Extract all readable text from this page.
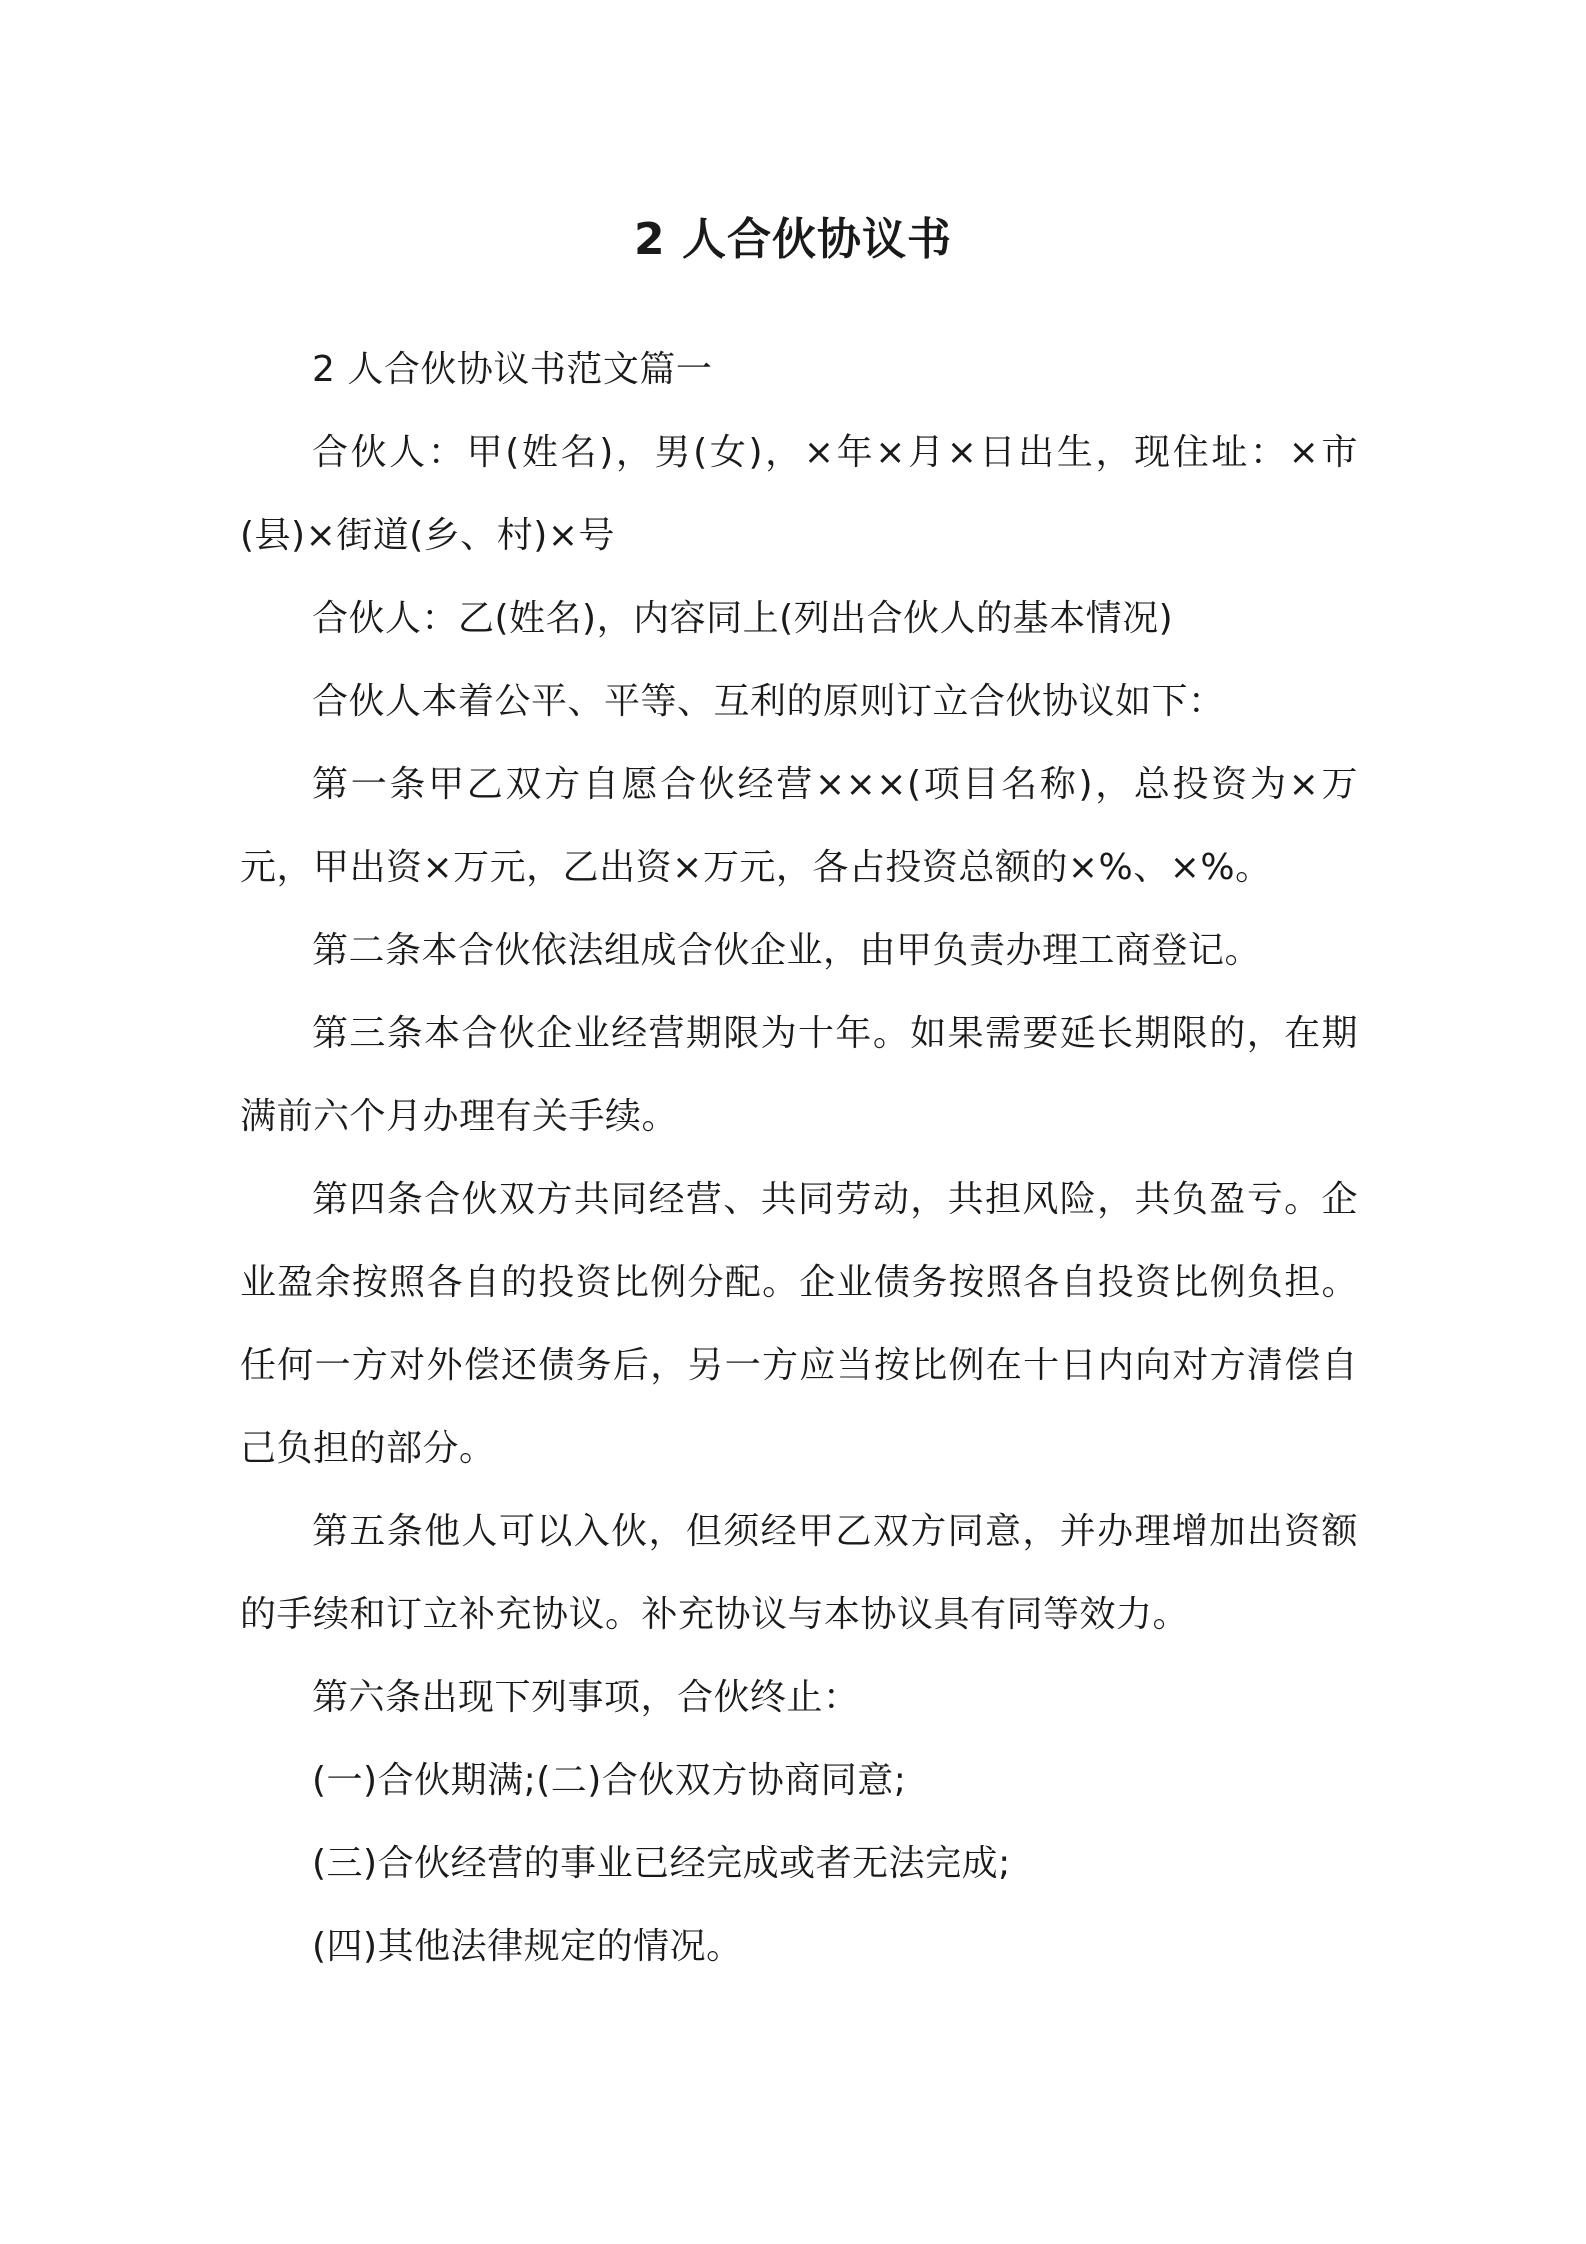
2 人合伙协议书

2 人合伙协议书范文篇一

合伙人：甲(姓名)，男(女)，×年×月×日出生，现住址：×市(县)×街道(乡、村)×号

合伙人：乙(姓名)，内容同上(列出合伙人的基本情况)

合伙人本着公平、平等、互利的原则订立合伙协议如下：

第一条甲乙双方自愿合伙经营×××(项目名称)，总投资为×万元，甲出资×万元，乙出资×万元，各占投资总额的×%、×%。

第二条本合伙依法组成合伙企业，由甲负责办理工商登记。

第三条本合伙企业经营期限为十年。如果需要延长期限的，在期满前六个月办理有关手续。

第四条合伙双方共同经营、共同劳动，共担风险，共负盈亏。企业盈余按照各自的投资比例分配。企业债务按照各自投资比例负担。任何一方对外偿还债务后，另一方应当按比例在十日内向对方清偿自己负担的部分。

第五条他人可以入伙，但须经甲乙双方同意，并办理增加出资额的手续和订立补充协议。补充协议与本协议具有同等效力。

第六条出现下列事项，合伙终止：

(一)合伙期满;(二)合伙双方协商同意;

(三)合伙经营的事业已经完成或者无法完成;

(四)其他法律规定的情况。
